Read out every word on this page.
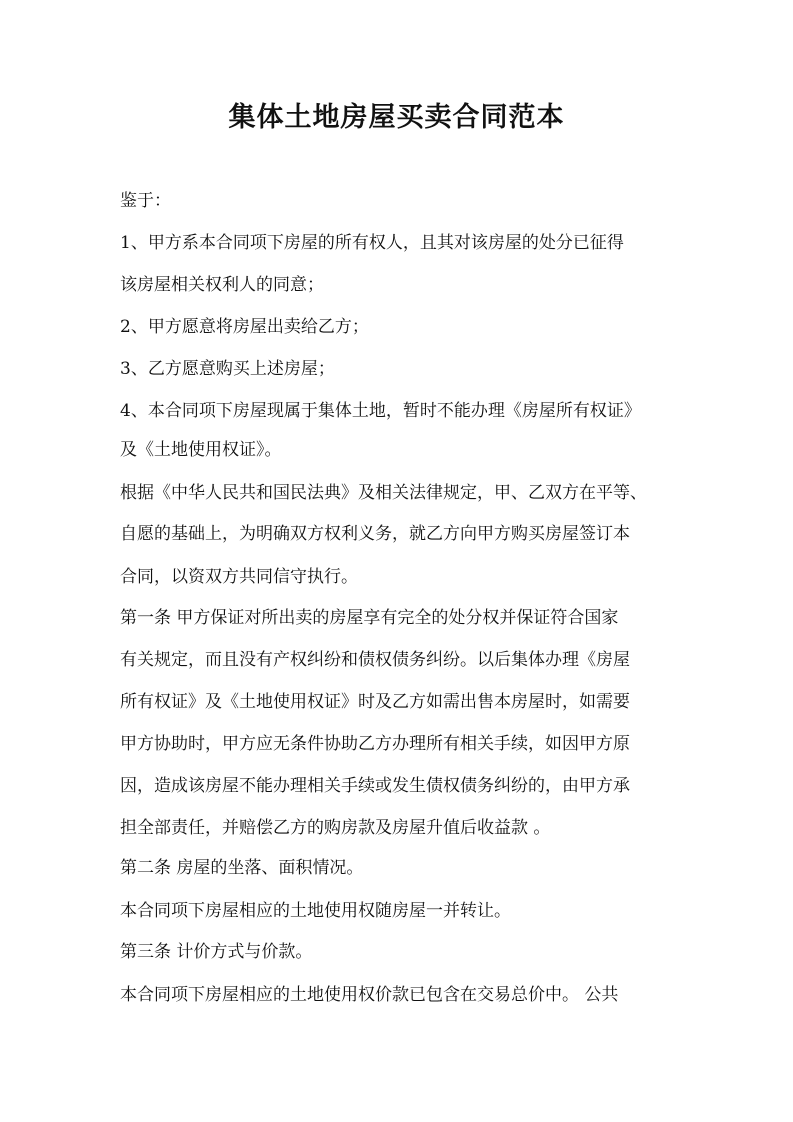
集体土地房屋买卖合同范本
鉴于：
1、甲方系本合同项下房屋的所有权人，且其对该房屋的处分已征得
该房屋相关权利人的同意；
2、甲方愿意将房屋出卖给乙方；
3、乙方愿意购买上述房屋；
4、本合同项下房屋现属于集体土地，暂时不能办理《房屋所有权证》
及《土地使用权证》。
根据《中华人民共和国民法典》及相关法律规定，甲、乙双方在平等、
自愿的基础上，为明确双方权利义务，就乙方向甲方购买房屋签订本
合同，以资双方共同信守执行。
第一条 甲方保证对所出卖的房屋享有完全的处分权并保证符合国家
有关规定，而且没有产权纠纷和债权债务纠纷。以后集体办理《房屋
所有权证》及《土地使用权证》时及乙方如需出售本房屋时，如需要
甲方协助时，甲方应无条件协助乙方办理所有相关手续，如因甲方原
因，造成该房屋不能办理相关手续或发生债权债务纠纷的，由甲方承
担全部责任，并赔偿乙方的购房款及房屋升值后收益款 。
第二条 房屋的坐落、面积情况。
本合同项下房屋相应的土地使用权随房屋一并转让。
第三条 计价方式与价款。
本合同项下房屋相应的土地使用权价款已包含在交易总价中。 公共
